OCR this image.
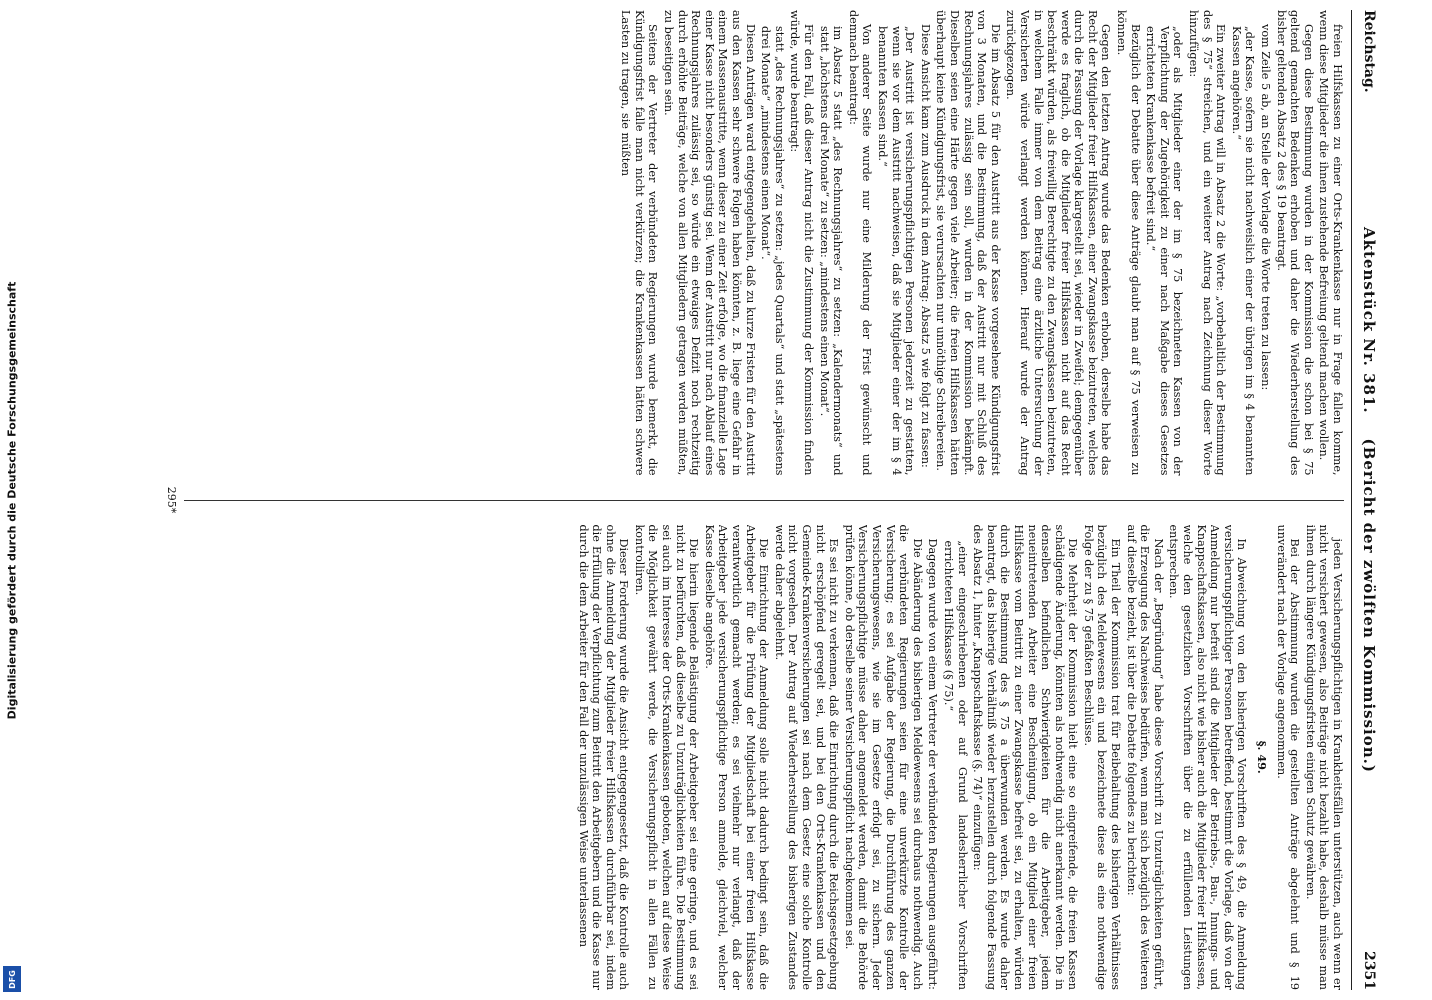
Digitalisierung gefördert durch die Deutsche Forschungsgemeinschaft
DFG
Reichstag.
Aktenstück Nr. 381.    (Bericht der zwölften Kommission.)
2351

freien Hilfskassen zu einer Orts-Krankenkasse nur in Frage fallen komme, wenn diese Mitglieder die ihnen zustehende Befreiung geltend machen wollen.

Gegen diese Bestimmung wurden in der Kommission die schon bei § 75 geltend gemachten Bedenken erhoben und daher die Wiederherstellung des bisher geltenden Absatz 2 des § 19 beantragt.

vom Zeile 5 ab, an Stelle der Vorlage die Worte treten zu lassen:

„der Kasse, sofern sie nicht nachweislich einer der übrigen im § 4 benannten Kassen angehören.“

Ein zweiter Antrag will in Absatz 2 die Worte: „vorbehaltlich der Bestimmung des § 75“ streichen, und ein weiterer Antrag nach Zeichnung dieser Worte hinzufügen:

„oder als Mitglieder einer der im § 75 bezeichneten Kassen von der Verpflichtung der Zugehörigkeit zu einer nach Maßgabe dieses Gesetzes errichteten Krankenkasse befreit sind.“

Bezüglich der Debatte über diese Anträge glaubt man auf § 75 verweisen zu können.

Gegen den letzten Antrag wurde das Bedenken erhoben, derselbe habe das Recht der Mitglieder freier Hilfskassen, einer Zwangskasse beizutreten, welches durch die Fassung der Vorlage klargestellt sei, wieder in Zweifel; demgegenüber werde es fraglich, ob die Mitglieder freier Hilfskassen nicht auf das Recht beschränkt würden, als freiwillig Berechtigte zu den Zwangskassen beizutreten, in welchem Falle immer von dem Beitrag eine ärztliche Untersuchung der Versicherten würde verlangt werden können. Hierauf wurde der Antrag zurückgezogen.

Die im Absatz 5 für den Austritt aus der Kasse vorgesehene Kündigungsfrist von 3 Monaten, und die Bestimmung, daß der Austritt nur mit Schluß des Rechnungsjahres zulässig sein soll, wurden in der Kommission bekämpft. Dieselben seien eine Härte gegen viele Arbeiter; die freien Hilfskassen hätten überhaupt keine Kündigungsfrist, sie verursachten nur unnöthige Schreibereien.

Diese Ansicht kam zum Ausdruck in dem Antrag: Absatz 5 wie folgt zu fassen:

„Der Austritt ist versicherungspflichtigen Personen jederzeit zu gestatten, wenn sie vor dem Austritt nachweisen, daß sie Mitglieder einer der im § 4 benannten Kassen sind.“

Von anderer Seite wurde nur eine Milderung der Frist gewünscht und demnach beantragt:

im Absatz 5 statt „des Rechnungsjahres“ zu setzen: „Kalendermonats“ und statt „höchstens drei Monate“ zu setzen: „mindestens einen Monat“.

Für den Fall, daß dieser Antrag nicht die Zustimmung der Kommission finden würde, wurde beantragt:

statt „des Rechnungsjahres“ zu setzen: „jedes Quartals“ und statt „spätestens drei Monate“ „mindestens einen Monat“.

Diesen Anträgen ward entgegengehalten, daß zu kurze Fristen für den Austritt aus den Kassen sehr schwere Folgen haben könnten, z. B. liege eine Gefahr in einem Massenaustritte, wenn dieser zu einer Zeit erfolge, wo die finanzielle Lage einer Kasse nicht besonders günstig sei. Wenn der Austritt nur nach Ablauf eines Rechnungsjahres zulässig sei, so würde ein etwaiges Defizit noch rechtzeitig durch erhöhte Beiträge, welche von allen Mitgliedern getragen werden müßten, zu beseitigen sein.

Seitens der Vertreter der verbündeten Regierungen wurde bemerkt, die Kündigungsfrist falle man nicht verkürzen; die Krankenkassen hätten schwere Lasten zu tragen, sie müßten

jeden Versicherungspflichtigen in Krankheitsfällen unterstützen, auch wenn er nicht versichert gewesen, also Beiträge nicht bezahlt habe, deshalb müsse man ihnen durch längere Kündigungsfristen einigen Schutz gewähren.

Bei der Abstimmung wurden die gestellten Anträge abgelehnt und § 19 unverändert nach der Vorlage angenommen.

§. 49.

In Abweichung von den bisherigen Vorschriften des § 49, die Anmeldung versicherungspflichtiger Personen betreffend, bestimmt die Vorlage, daß von der Anmeldung nur befreit sind die Mitglieder der Betriebs-, Bau-, Innungs- und Knappschaftskassen, also nicht wie bisher auch die Mitglieder freier Hilfskassen, welche den gesetzlichen Vorschriften über die zu erfüllenden Leistungen entsprechen.

Nach der „Begründung“ habe diese Vorschrift zu Unzuträglichkeiten geführt, die Erzeugung des Nachweises bedürfen, wenn man sich bezüglich des Weiteren auf dieselbe bezieht, ist über die Debatte folgendes zu berichten:

Ein Theil der Kommission trat für Beibehaltung des bisherigen Verhältnisses bezüglich des Meldewesens ein und bezeichnete diese als eine nothwendige Folge der zu § 75 gefaßten Beschlüsse.

Die Mehrheit der Kommission hielt eine so eingreifende, die freien Kassen schädigende Änderung, könnten als nothwendig nicht anerkannt werden. Die in denselben befindlichen Schwierigkeiten für die Arbeitgeber, jedem neueintretenden Arbeiter eine Bescheinigung, ob ein Mitglied einer freien Hilfskasse vom Beitritt zu einer Zwangskasse befreit sei, zu erhalten, würden durch die Bestimmung des § 75 a überwunden werden. Es wurde daher beantragt, das bisherige Verhältniß wieder herzustellen durch folgende Fassung des Absatz 1, hinter „Knappschaftskasse (§. 74)“ einzufügen:

„einer eingeschriebenen oder auf Grund landesherrlicher Vorschriften errichteten Hilfskasse (§ 75).“

Dagegen wurde von einem Vertreter der verbündeten Regierungen ausgeführt:

Die Abänderung des bisherigen Meldewesens sei durchaus nothwendig. Auch die verbündeten Regierungen seien für eine unverkürzte Kontrolle der Versicherung; es sei Aufgabe der Regierung, die Durchführung des ganzen Versicherungswesens, wie sie im Gesetze erfolgt sei, zu sichern. Jeder Versicherungspflichtige müsse daher angemeldet werden, damit die Behörde prüfen könne, ob derselbe seiner Versicherungspflicht nachgekommen sei.

Es sei nicht zu verkennen, daß die Einrichtung durch die Reichsgesetzgebung nicht erschöpfend geregelt sei, und bei den Orts-Krankenkassen und den Gemeinde-Krankenversicherungen sei nach dem Gesetz eine solche Kontrolle nicht vorgesehen. Der Antrag auf Wiederherstellung des bisherigen Zustandes werde daher abgelehnt.

Die Einrichtung der Anmeldung solle nicht dadurch bedingt sein, daß die Arbeitgeber für die Prüfung der Mitgliedschaft bei einer freien Hilfskasse verantwortlich gemacht werden; es sei vielmehr nur verlangt, daß der Arbeitgeber jede versicherungspflichtige Person anmelde, gleichviel, welcher Kasse dieselbe angehöre.

Die hierin liegende Belästigung der Arbeitgeber sei eine geringe, und es sei nicht zu befürchten, daß dieselbe zu Unzuträglichkeiten führe. Die Bestimmung sei auch im Interesse der Orts-Krankenkassen geboten, welchen auf diese Weise die Möglichkeit gewährt werde, die Versicherungspflicht in allen Fällen zu kontrolliren.

Dieser Forderung wurde die Ansicht entgegengesetzt, daß die Kontrolle auch ohne die Anmeldung der Mitglieder freier Hilfskassen durchführbar sei, indem die Erfüllung der Verpflichtung zum Beitritt den Arbeitgebern und die Kasse nur durch die dem Arbeiter für den Fall der unzulässigen Weise unterlassenen

295*
